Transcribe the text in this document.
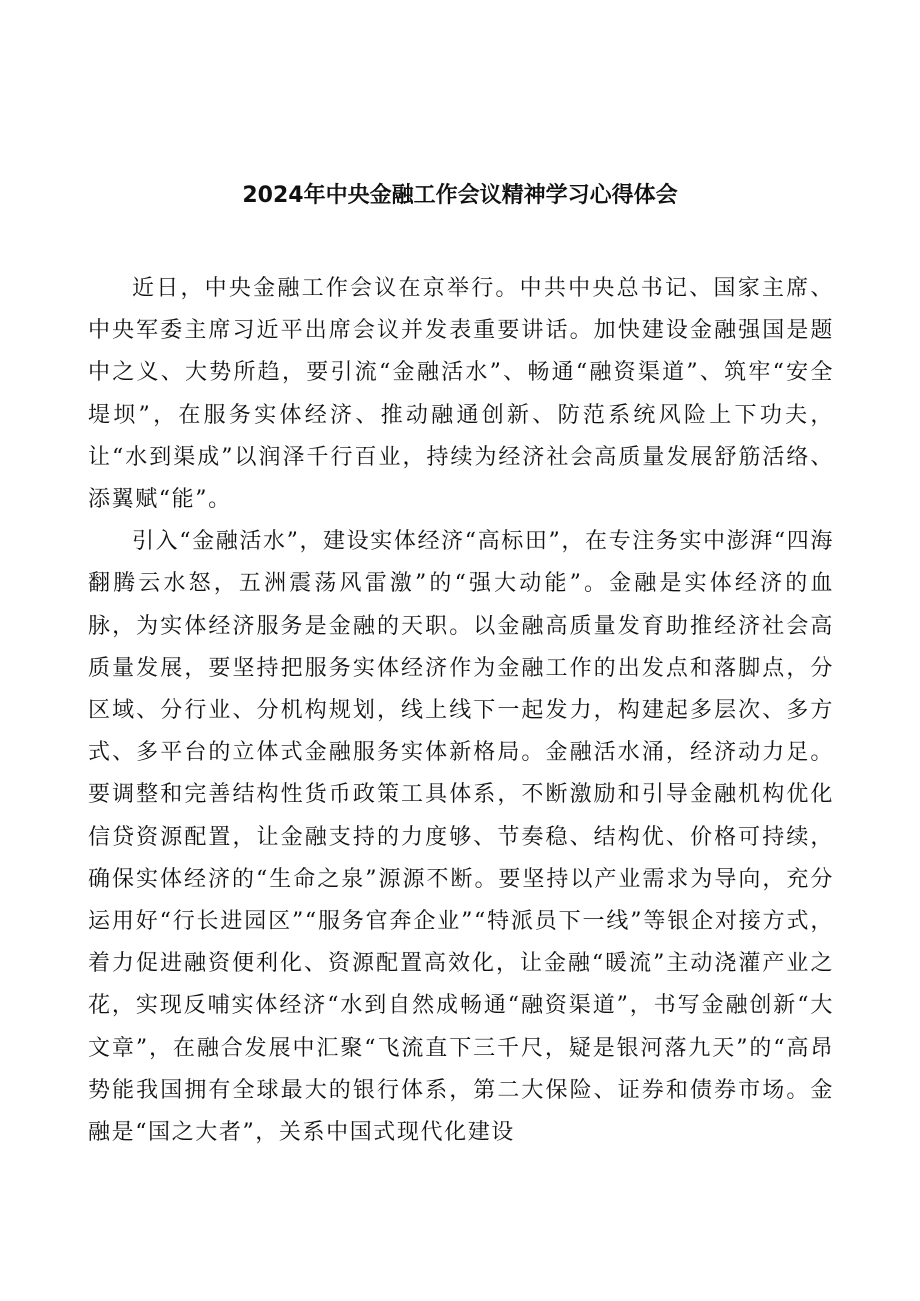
2024年中央金融工作会议精神学习心得体会

近日，中央金融工作会议在京举行。中共中央总书记、国家主席、中央军委主席习近平出席会议并发表重要讲话。加快建设金融强国是题中之义、大势所趋，要引流“金融活水”、畅通“融资渠道”、筑牢“安全堤坝”，在服务实体经济、推动融通创新、防范系统风险上下功夫，让“水到渠成”以润泽千行百业，持续为经济社会高质量发展舒筋活络、添翼赋“能”。

引入“金融活水”，建设实体经济“高标田”，在专注务实中澎湃“四海翻腾云水怒，五洲震荡风雷激”的“强大动能”。金融是实体经济的血脉，为实体经济服务是金融的天职。以金融高质量发育助推经济社会高质量发展，要坚持把服务实体经济作为金融工作的出发点和落脚点，分区域、分行业、分机构规划，线上线下一起发力，构建起多层次、多方式、多平台的立体式金融服务实体新格局。金融活水涌，经济动力足。要调整和完善结构性货币政策工具体系，不断激励和引导金融机构优化信贷资源配置，让金融支持的力度够、节奏稳、结构优、价格可持续，确保实体经济的“生命之泉”源源不断。要坚持以产业需求为导向，充分运用好“行长进园区”“服务官奔企业”“特派员下一线”等银企对接方式，着力促进融资便利化、资源配置高效化，让金融“暖流”主动浇灌产业之花，实现反哺实体经济“水到自然成畅通“融资渠道”，书写金融创新“大文章”，在融合发展中汇聚“飞流直下三千尺，疑是银河落九天”的“高昂势能我国拥有全球最大的银行体系，第二大保险、证券和债券市场。金融是“国之大者”，关系中国式现代化建设
